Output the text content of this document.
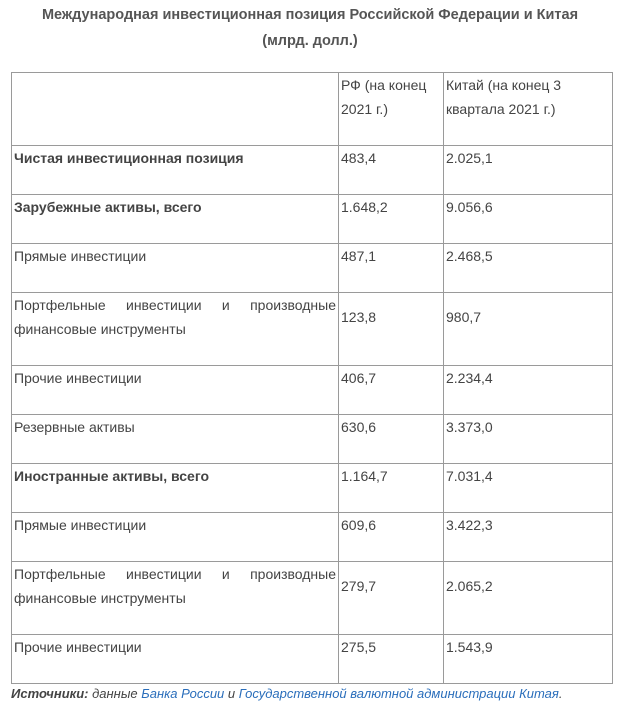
Международная инвестиционная позиция Российской Федерации и Китая
(млрд. долл.)
	РФ (на конец 2021 г.)	Китай (на конец 3 квартала 2021 г.)
Чистая инвестиционная позиция	483,4	2.025,1
Зарубежные активы, всего	1.648,2	9.056,6
Прямые инвестиции	487,1	2.468,5
Портфельные инвестиции и производные финансовые инструменты	123,8	980,7

Прочие инвестиции	406,7	2.234,4
Резервные активы	630,6	3.373,0
Иностранные активы, всего	1.164,7	7.031,4
Прямые инвестиции	609,6	3.422,3
Портфельные инвестиции и производные финансовые инструменты	279,7	2.065,2

Прочие инвестиции	275,5	1.543,9
Источники: данные Банка России и Государственной валютной администрации Китая.
